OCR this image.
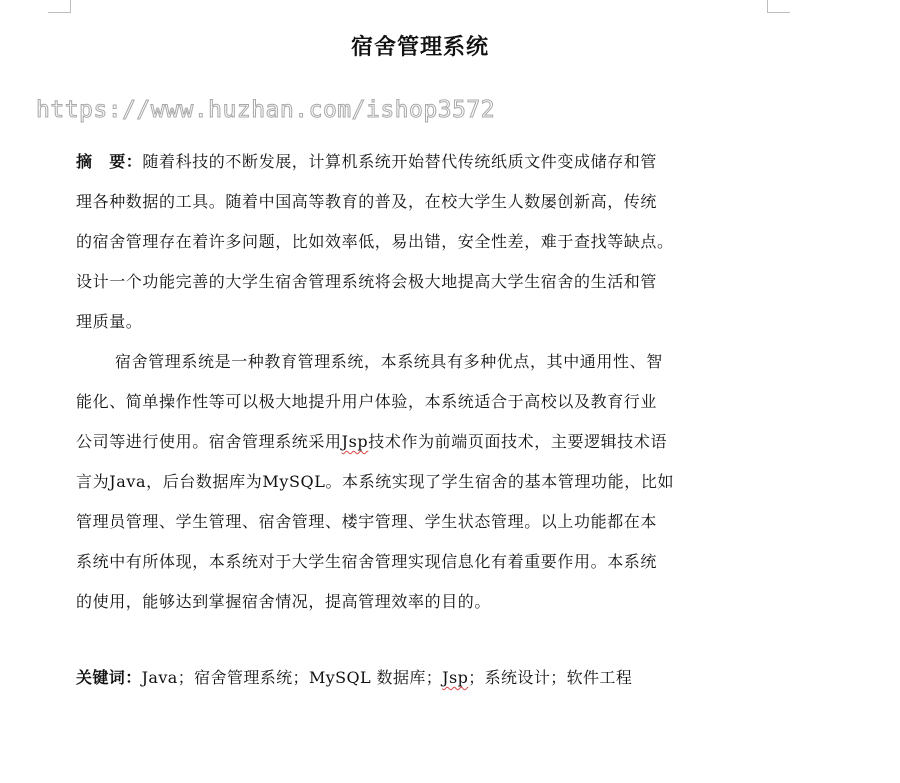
宿舍管理系统
https://www.huzhan.com/ishop3572
摘　要：随着科技的不断发展，计算机系统开始替代传统纸质文件变成储存和管
理各种数据的工具。随着中国高等教育的普及，在校大学生人数屡创新高，传统
的宿舍管理存在着许多问题，比如效率低，易出错，安全性差，难于查找等缺点。
设计一个功能完善的大学生宿舍管理系统将会极大地提高大学生宿舍的生活和管
理质量。
宿舍管理系统是一种教育管理系统，本系统具有多种优点，其中通用性、智
能化、简单操作性等可以极大地提升用户体验，本系统适合于高校以及教育行业
公司等进行使用。宿舍管理系统采用Jsp技术作为前端页面技术，主要逻辑技术语
言为Java，后台数据库为MySQL。本系统实现了学生宿舍的基本管理功能，比如
管理员管理、学生管理、宿舍管理、楼宇管理、学生状态管理。以上功能都在本
系统中有所体现，本系统对于大学生宿舍管理实现信息化有着重要作用。本系统
的使用，能够达到掌握宿舍情况，提高管理效率的目的。
关键词：Java；宿舍管理系统；MySQL 数据库；Jsp；系统设计；软件工程
